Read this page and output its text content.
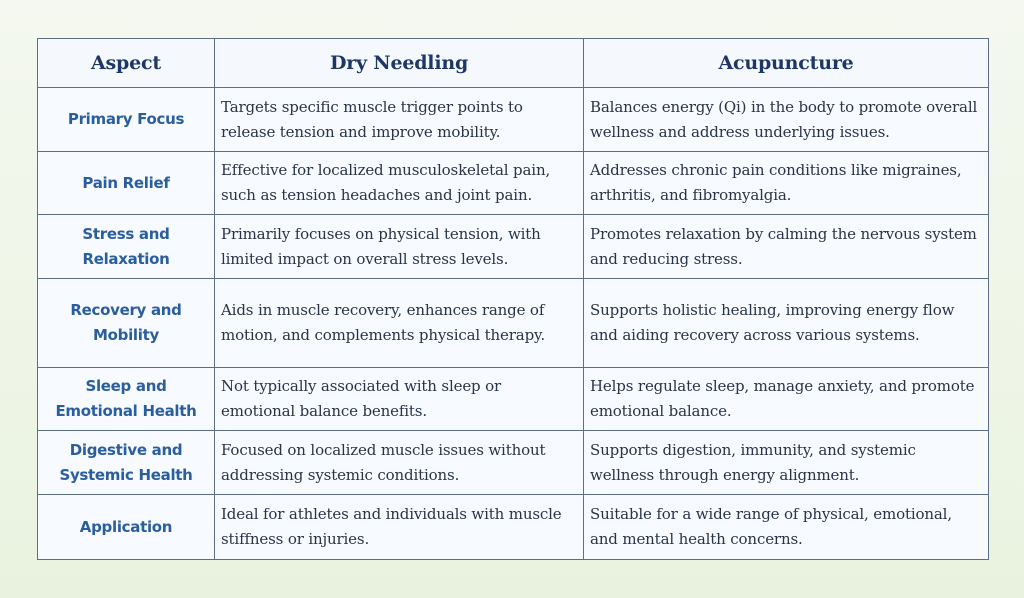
Aspect	Dry Needling	Acupuncture
Primary Focus	Targets specific muscle trigger points to release tension and improve mobility.	Balances energy (Qi) in the body to promote overall wellness and address underlying issues.
Pain Relief	Effective for localized musculoskeletal pain, such as tension headaches and joint pain.	Addresses chronic pain conditions like migraines, arthritis, and fibromyalgia.
Stress and Relaxation	Primarily focuses on physical tension, with limited impact on overall stress levels.	Promotes relaxation by calming the nervous system and reducing stress.
Recovery and Mobility	Aids in muscle recovery, enhances range of motion, and complements physical therapy.	Supports holistic healing, improving energy flow and aiding recovery across various systems.
Sleep and Emotional Health	Not typically associated with sleep or emotional balance benefits.	Helps regulate sleep, manage anxiety, and promote emotional balance.
Digestive and Systemic Health	Focused on localized muscle issues without addressing systemic conditions.	Supports digestion, immunity, and systemic wellness through energy alignment.
Application	Ideal for athletes and individuals with muscle stiffness or injuries.	Suitable for a wide range of physical, emotional, and mental health concerns.
